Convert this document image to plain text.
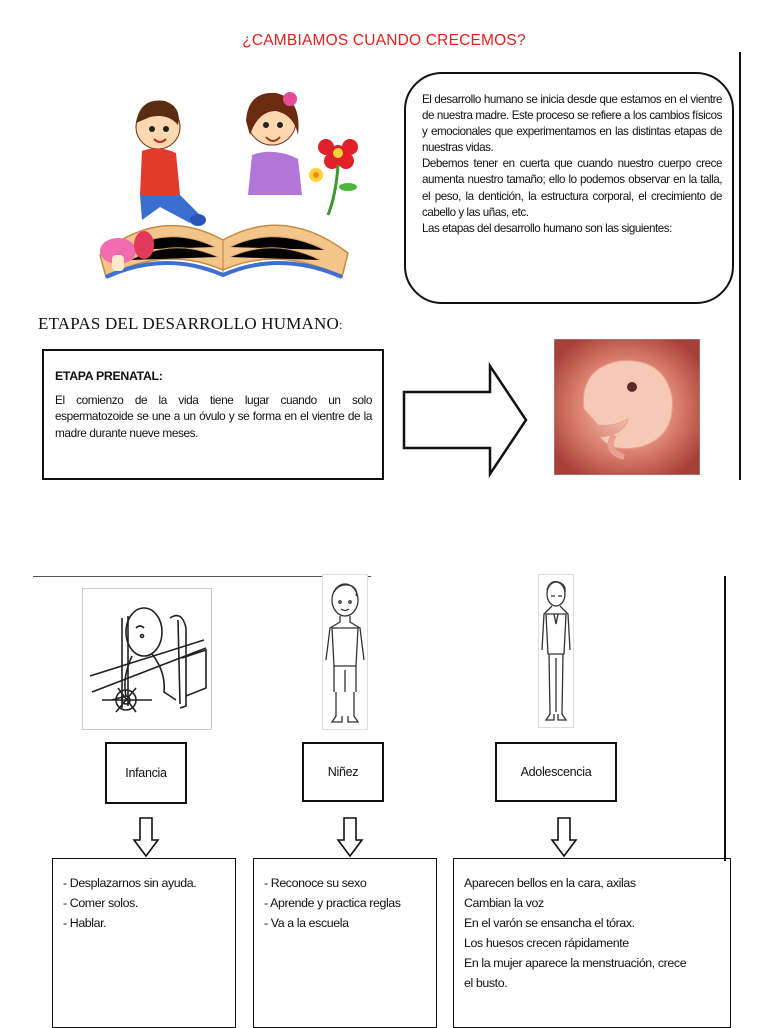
¿CAMBIAMOS CUANDO CRECEMOS?

El desarrollo humano se inicia desde que estamos en el vientre de nuestra madre. Este proceso se refiere a los cambios físicos y emocionales que experimentamos en las distintas etapas de nuestras vidas.

Debemos tener en cuerta que cuando nuestro cuerpo crece aumenta nuestro tamaño; ello lo podemos observar en la talla, el peso, la dentición, la estructura corporal, el crecimiento de cabello y las uñas, etc.

Las etapas del desarrollo humano son las siguientes:

ETAPAS DEL DESARROLLO HUMANO:
ETAPA PRENATAL:
El comienzo de la vida tiene lugar cuando un solo espermatozoide se une a un óvulo y se forma en el vientre de la madre durante nueve meses.
Infancia	Niñez	Adolescencia
- Desplazarnos sin ayuda.
- Comer solos.
- Hablar.
- Reconoce su sexo
- Aprende y practica reglas
- Va a la escuela
Aparecen bellos en la cara, axilas
Cambian la voz
En el varón se ensancha el tórax.
Los huesos crecen rápidamente
En la mujer aparece la menstruación, crece
el busto.
